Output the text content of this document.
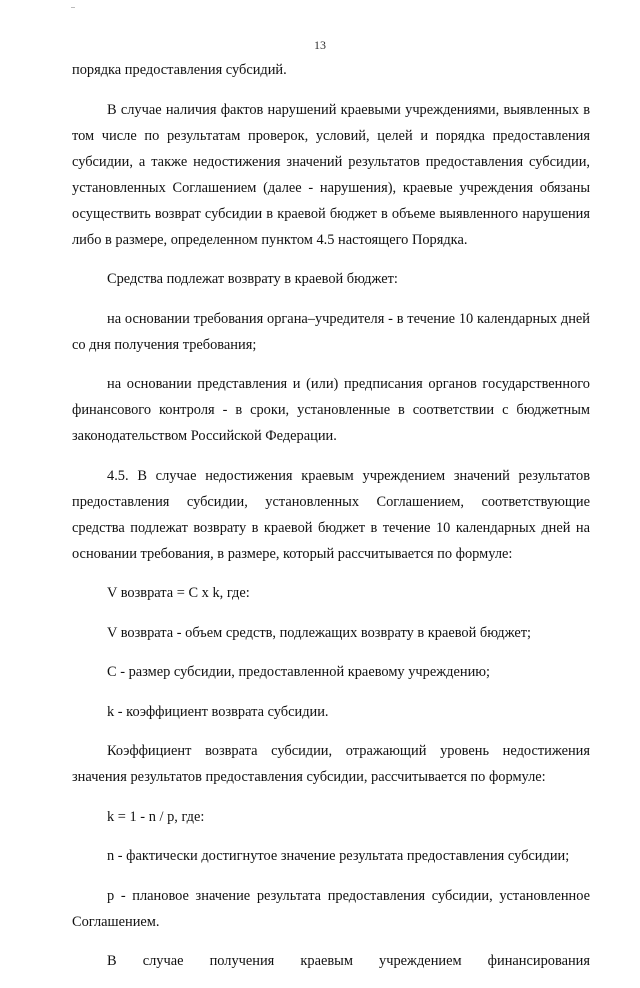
13

порядка предоставления субсидий.

В случае наличия фактов нарушений краевыми учреждениями, выявленных в том числе по результатам проверок, условий, целей и порядка предоставления субсидии, а также недостижения значений результатов предоставления субсидии, установленных Соглашением (далее - нарушения), краевые учреждения обязаны осуществить возврат субсидии в краевой бюджет в объеме выявленного нарушения либо в размере, определенном пунктом 4.5 настоящего Порядка.

Средства подлежат возврату в краевой бюджет:

на основании требования органа–учредителя - в течение 10 календарных дней со дня получения требования;

на основании представления и (или) предписания органов государственного финансового контроля - в сроки, установленные в соответствии с бюджетным законодательством Российской Федерации.

4.5. В случае недостижения краевым учреждением значений результатов предоставления субсидии, установленных Соглашением, соответствующие средства подлежат возврату в краевой бюджет в течение 10 календарных дней на основании требования, в размере, который рассчитывается по формуле:

V возврата = C x k, где:

V возврата - объем средств, подлежащих возврату в краевой бюджет;

C - размер субсидии, предоставленной краевому учреждению;

k - коэффициент возврата субсидии.

Коэффициент возврата субсидии, отражающий уровень недостижения значения результатов предоставления субсидии, рассчитывается по формуле:

k = 1 - n / p, где:

n - фактически достигнутое значение результата предоставления субсидии;

p - плановое значение результата предоставления субсидии, установленное Соглашением.

В случае получения краевым учреждением финансирования
